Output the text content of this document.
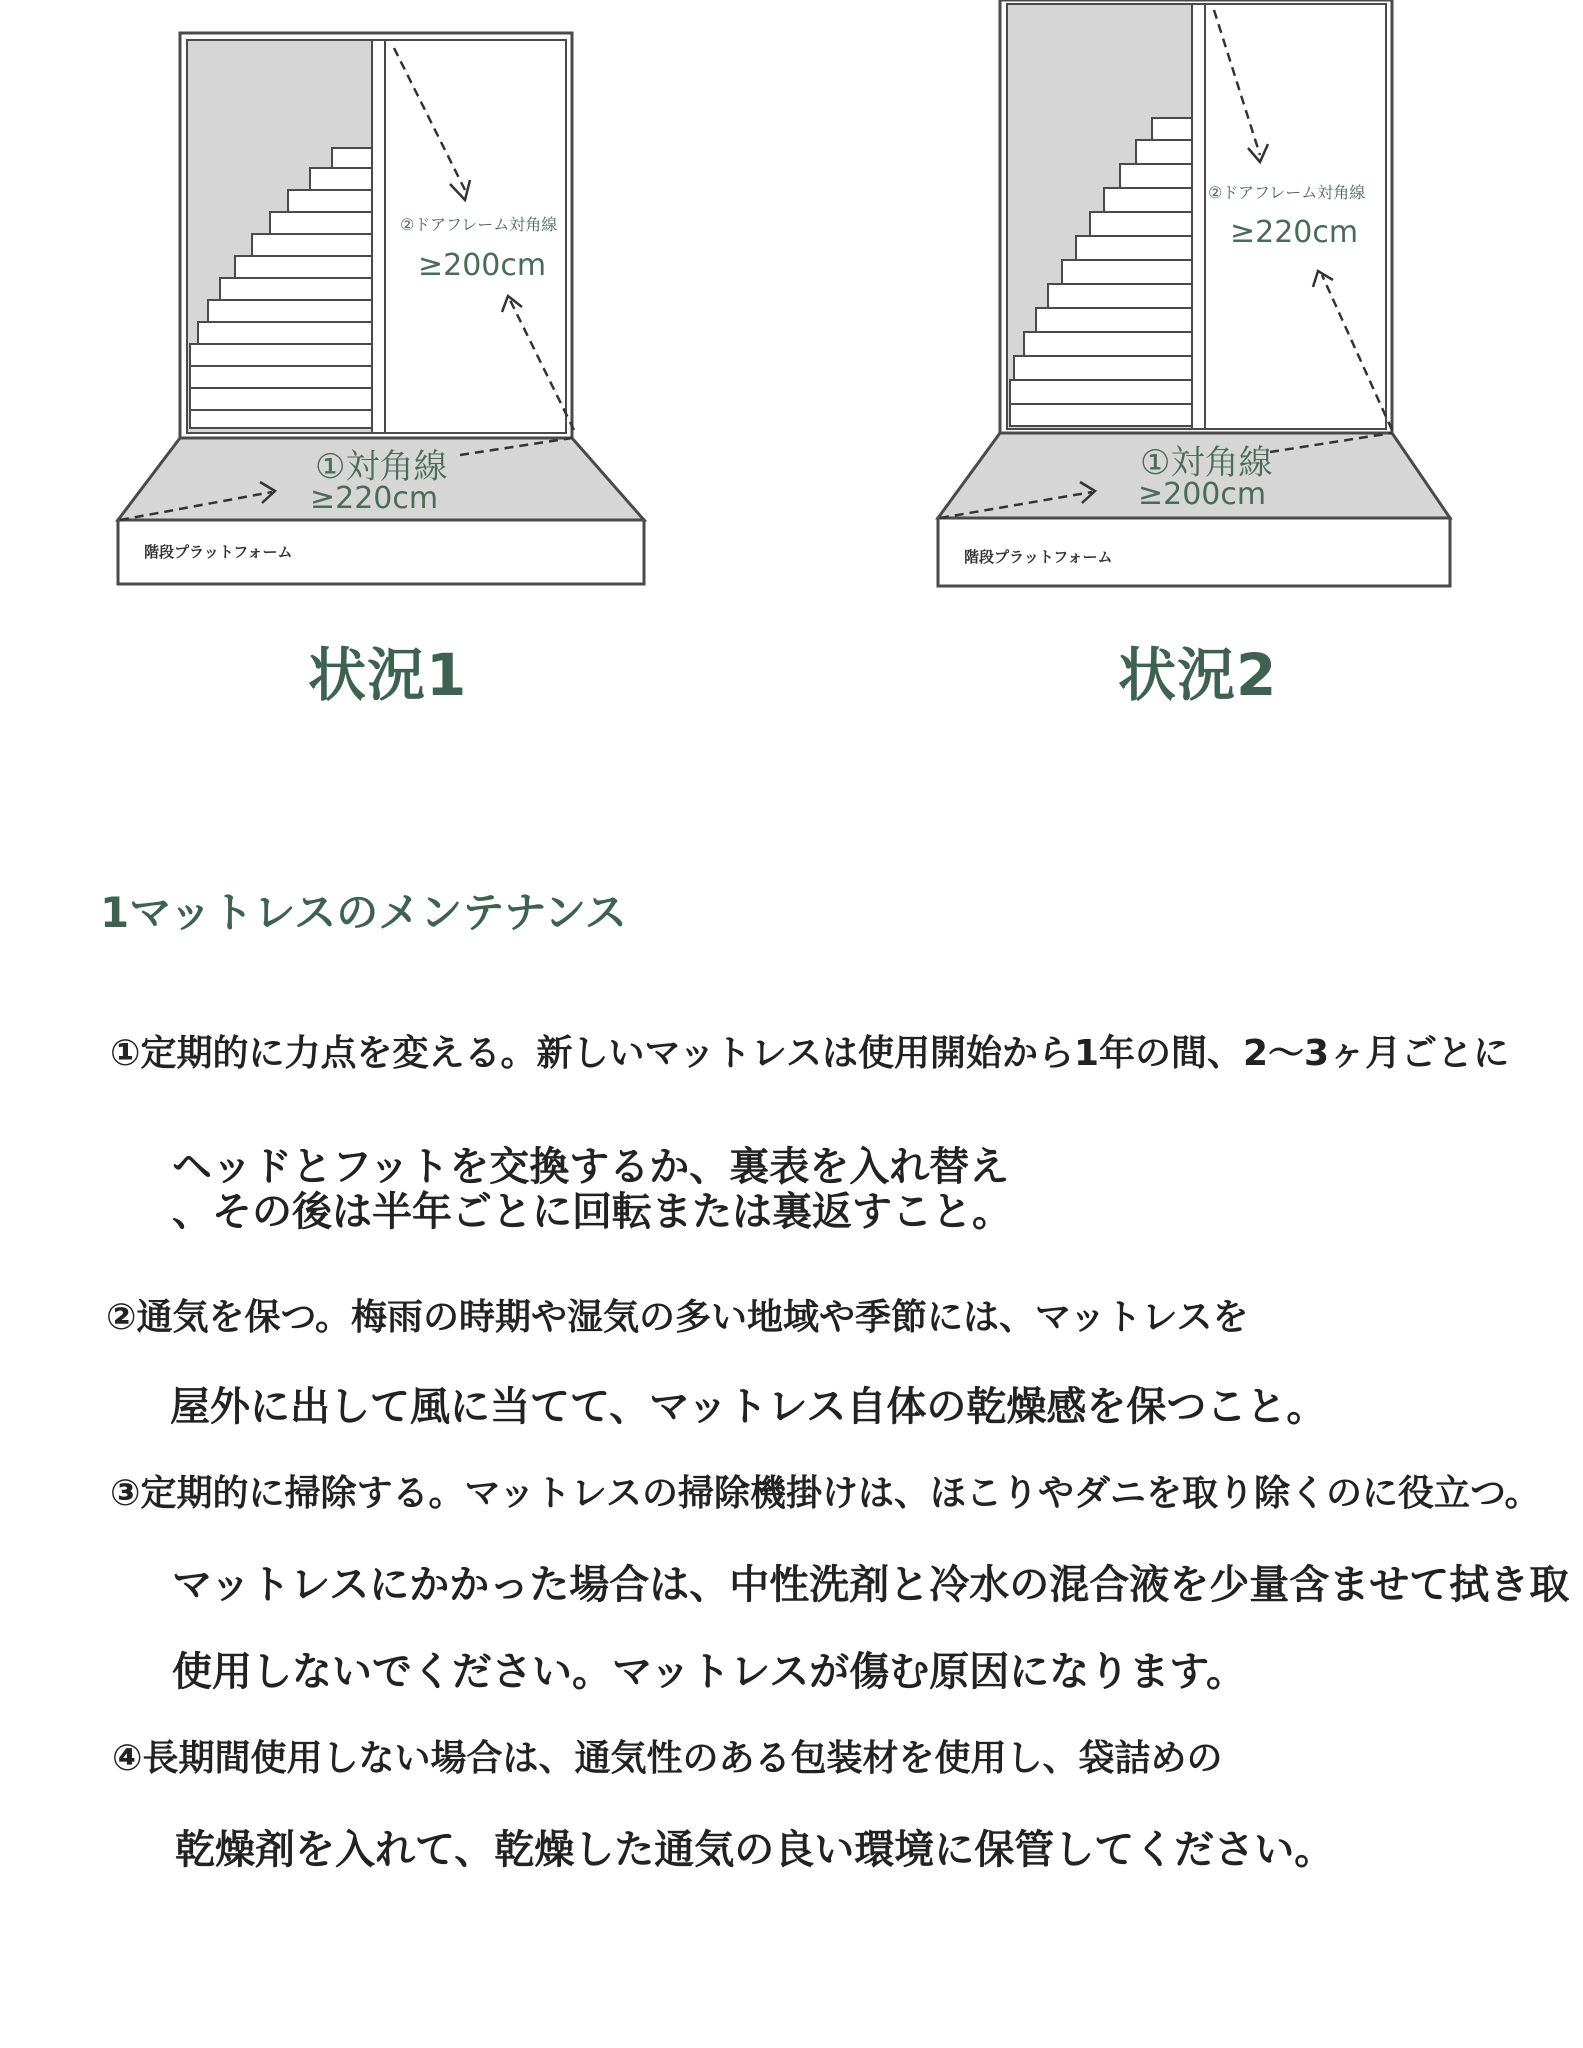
②ドアフレーム対角線
≥200cm
①対角線
≥220cm
階段プラットフォーム
②ドアフレーム対角線
≥220cm
①対角線
≥200cm
階段プラットフォーム
状況1	状況2
1マットレスのメンテナンス
①定期的に力点を変える。新しいマットレスは使用開始から1年の間、2〜3ヶ月ごとに
ヘッドとフットを交換するか、裏表を入れ替え
、その後は半年ごとに回転または裏返すこと。
②通気を保つ。梅雨の時期や湿気の多い地域や季節には、マットレスを
屋外に出して風に当てて、マットレス自体の乾燥感を保つこと。
③定期的に掃除する。マットレスの掃除機掛けは、ほこりやダニを取り除くのに役立つ。
マットレスにかかった場合は、中性洗剤と冷水の混合液を少量含ませて拭き取
使用しないでください。マットレスが傷む原因になります。
④長期間使用しない場合は、通気性のある包装材を使用し、袋詰めの
乾燥剤を入れて、乾燥した通気の良い環境に保管してください。
